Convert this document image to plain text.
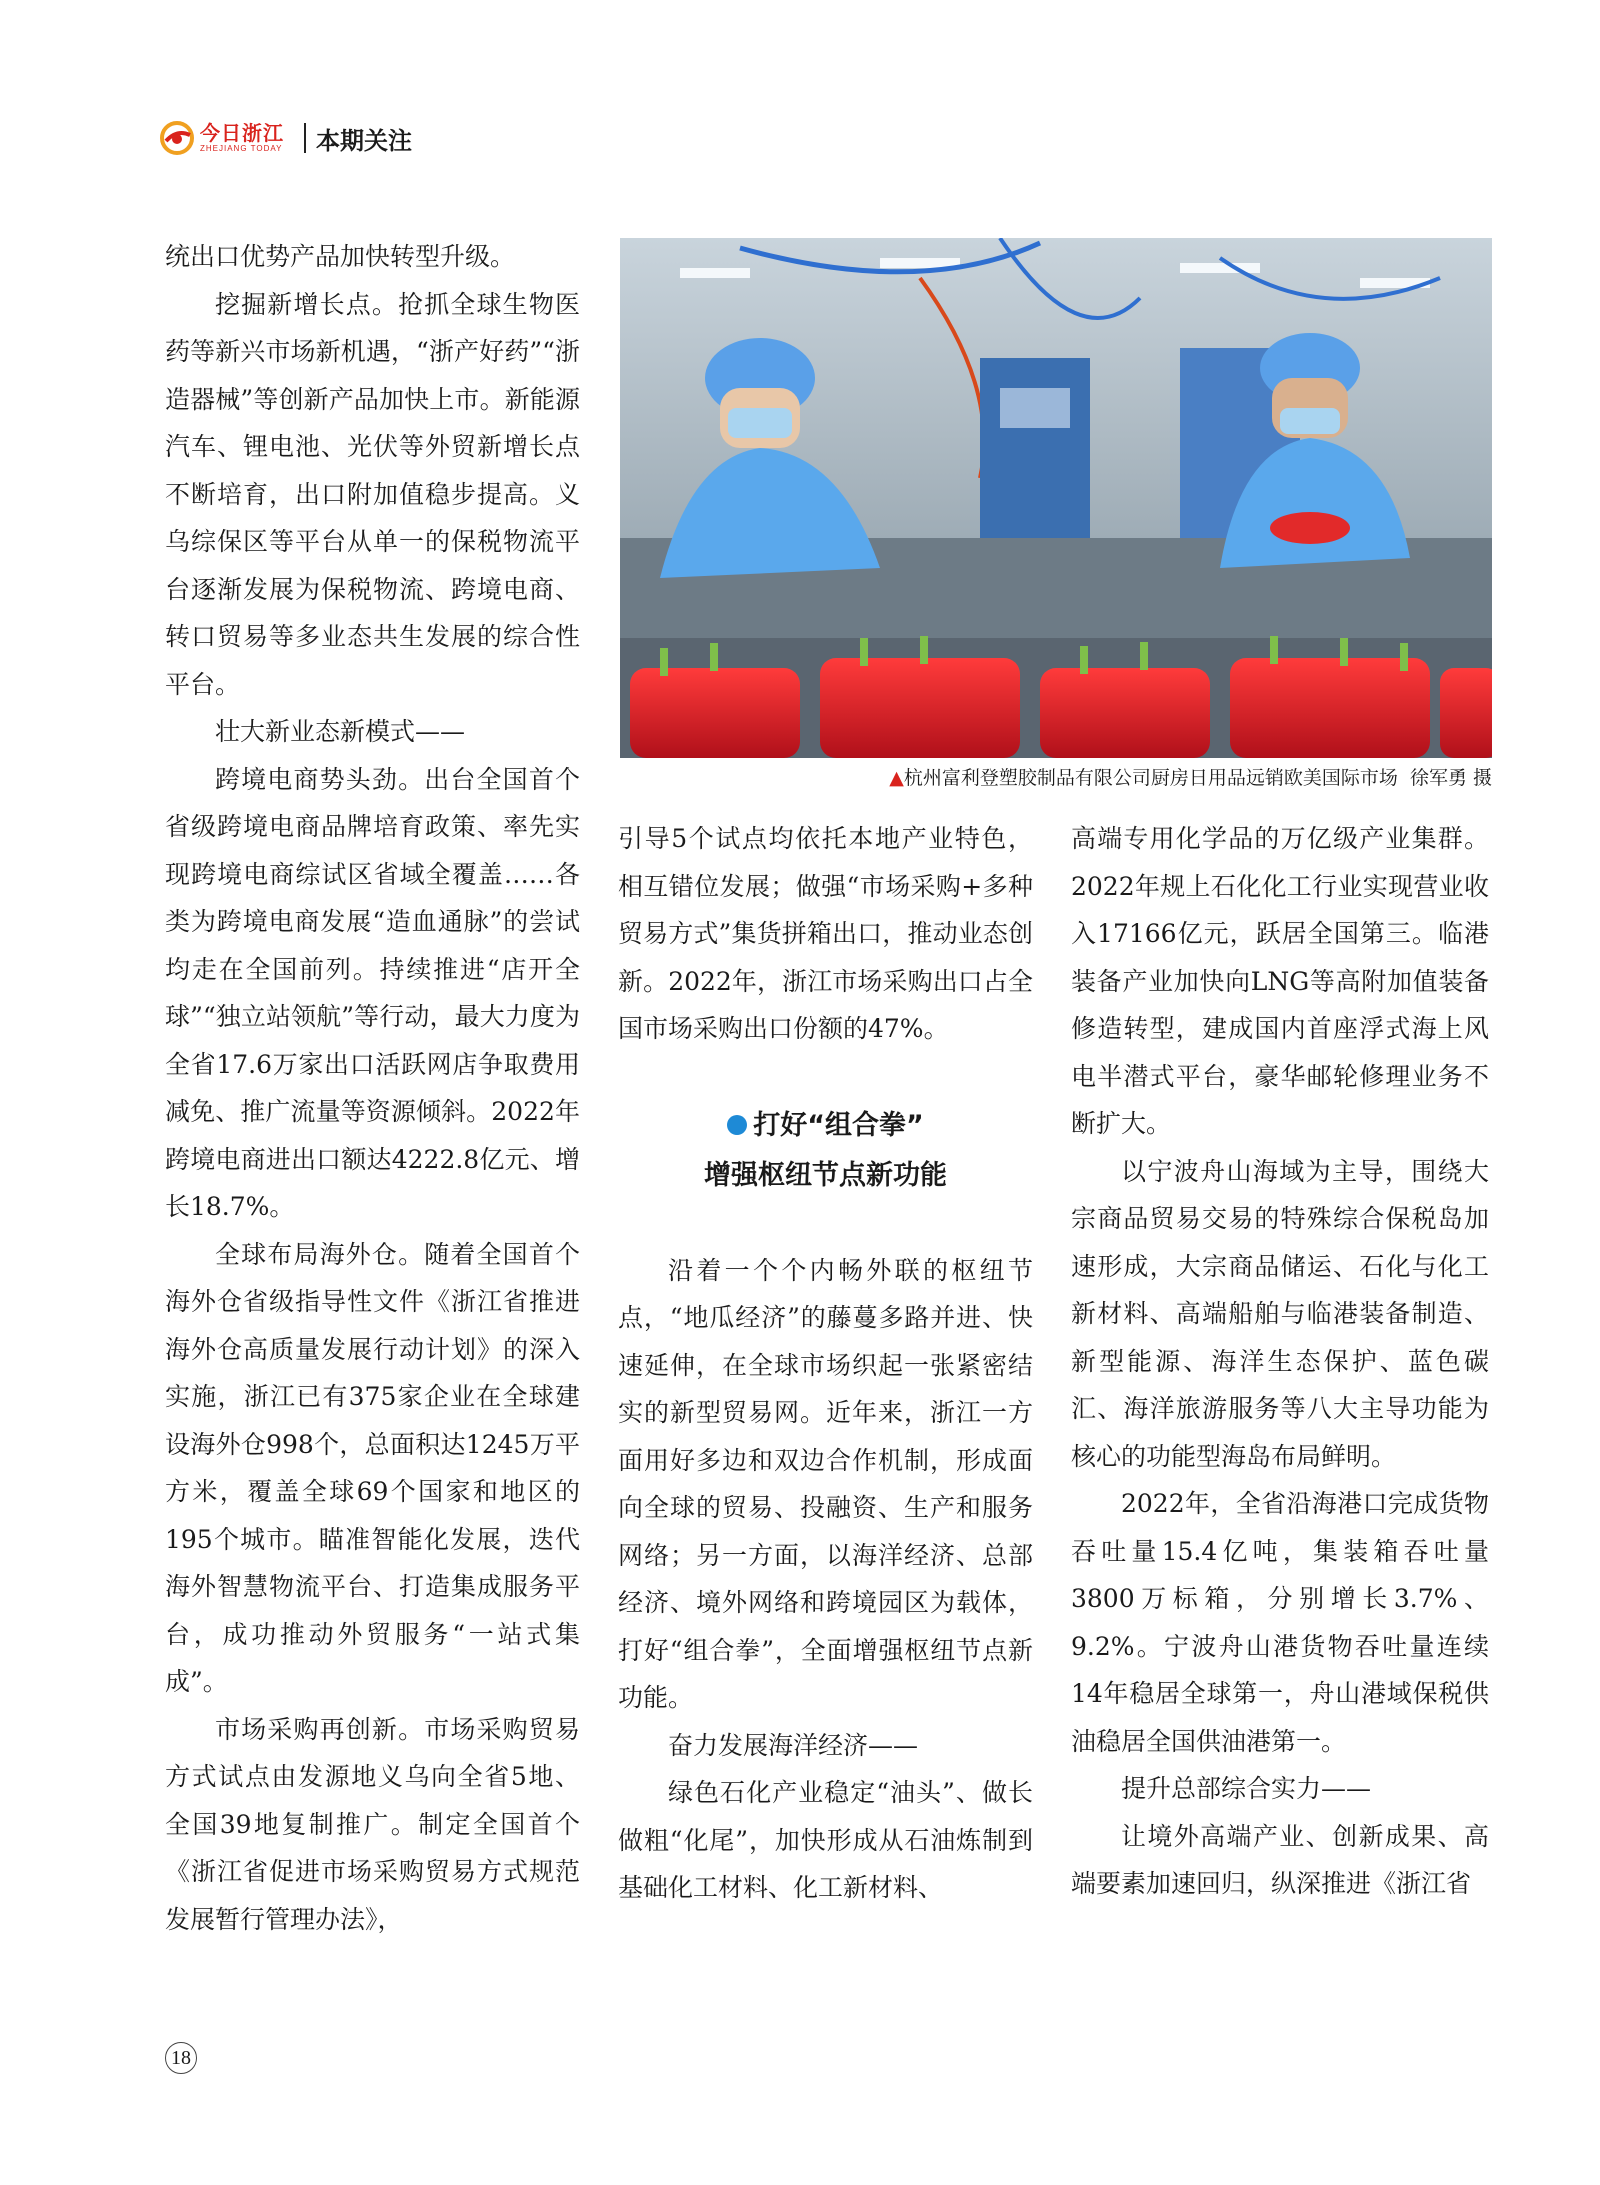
今日浙江
ZHEJIANG TODAY 本期关注

统出口优势产品加快转型升级。

挖掘新增长点。抢抓全球生物医药等新兴市场新机遇，“浙产好药”“浙造器械”等创新产品加快上市。新能源汽车、锂电池、光伏等外贸新增长点不断培育，出口附加值稳步提高。义乌综保区等平台从单一的保税物流平台逐渐发展为保税物流、跨境电商、转口贸易等多业态共生发展的综合性平台。

壮大新业态新模式——

跨境电商势头劲。出台全国首个省级跨境电商品牌培育政策、率先实现跨境电商综试区省域全覆盖……各类为跨境电商发展“造血通脉”的尝试均走在全国前列。持续推进“店开全球”“独立站领航”等行动，最大力度为全省17.6万家出口活跃网店争取费用减免、推广流量等资源倾斜。2022年跨境电商进出口额达4222.8亿元、增长18.7%。

全球布局海外仓。随着全国首个海外仓省级指导性文件《浙江省推进海外仓高质量发展行动计划》的深入实施，浙江已有375家企业在全球建设海外仓998个，总面积达1245万平方米，覆盖全球69个国家和地区的195个城市。瞄准智能化发展，迭代海外智慧物流平台、打造集成服务平台，成功推动外贸服务“一站式集成”。

市场采购再创新。市场采购贸易方式试点由发源地义乌向全省5地、全国39地复制推广。制定全国首个《浙江省促进市场采购贸易方式规范发展暂行管理办法》，

▲杭州富利登塑胶制品有限公司厨房日用品远销欧美国际市场 徐军勇 摄

引导5个试点均依托本地产业特色，相互错位发展；做强“市场采购+多种贸易方式”集货拼箱出口，推动业态创新。2022年，浙江市场采购出口占全国市场采购出口份额的47%。

打好“组合拳”
增强枢纽节点新功能

沿着一个个内畅外联的枢纽节点，“地瓜经济”的藤蔓多路并进、快速延伸，在全球市场织起一张紧密结实的新型贸易网。近年来，浙江一方面用好多边和双边合作机制，形成面向全球的贸易、投融资、生产和服务网络；另一方面，以海洋经济、总部经济、境外网络和跨境园区为载体，打好“组合拳”，全面增强枢纽节点新功能。

奋力发展海洋经济——

绿色石化产业稳定“油头”、做长做粗“化尾”，加快形成从石油炼制到基础化工材料、化工新材料、

高端专用化学品的万亿级产业集群。2022年规上石化化工行业实现营业收入17166亿元，跃居全国第三。临港装备产业加快向LNG等高附加值装备修造转型，建成国内首座浮式海上风电半潜式平台，豪华邮轮修理业务不断扩大。

以宁波舟山海域为主导，围绕大宗商品贸易交易的特殊综合保税岛加速形成，大宗商品储运、石化与化工新材料、高端船舶与临港装备制造、新型能源、海洋生态保护、蓝色碳汇、海洋旅游服务等八大主导功能为核心的功能型海岛布局鲜明。

2022年，全省沿海港口完成货物吞吐量15.4亿吨，集装箱吞吐量3800万标箱，分别增长3.7%、9.2%。宁波舟山港货物吞吐量连续14年稳居全球第一，舟山港域保税供油稳居全国供油港第一。

提升总部综合实力——

让境外高端产业、创新成果、高端要素加速回归，纵深推进《浙江省

18
